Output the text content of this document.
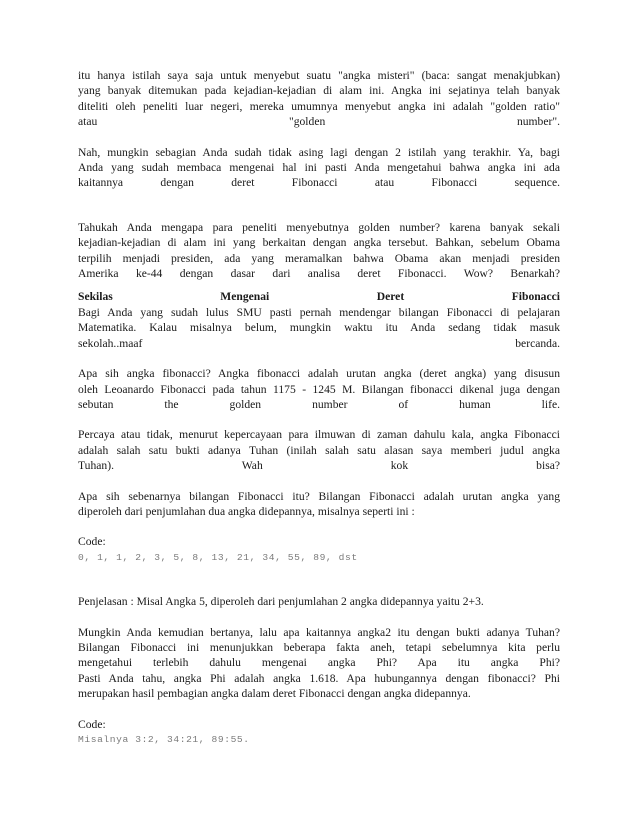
itu hanya istilah saya saja untuk menyebut suatu "angka misteri" (baca: sangat menakjubkan)
yang banyak ditemukan pada kejadian-kejadian di alam ini. Angka ini sejatinya telah banyak
diteliti oleh peneliti luar negeri, mereka umumnya menyebut angka ini adalah "golden ratio"
atau "golden number".
Nah, mungkin sebagian Anda sudah tidak asing lagi dengan 2 istilah yang terakhir. Ya, bagi
Anda yang sudah membaca mengenai hal ini pasti Anda mengetahui bahwa angka ini ada
kaitannya dengan deret Fibonacci atau Fibonacci sequence.
Tahukah Anda mengapa para peneliti menyebutnya golden number? karena banyak sekali
kejadian-kejadian di alam ini yang berkaitan dengan angka tersebut. Bahkan, sebelum Obama
terpilih menjadi presiden, ada yang meramalkan bahwa Obama akan menjadi presiden
Amerika ke-44 dengan dasar dari analisa deret Fibonacci. Wow? Benarkah?
Sekilas Mengenai Deret Fibonacci
Bagi Anda yang sudah lulus SMU pasti pernah mendengar bilangan Fibonacci di pelajaran
Matematika. Kalau misalnya belum, mungkin waktu itu Anda sedang tidak masuk
sekolah..maaf bercanda.
Apa sih angka fibonacci? Angka fibonacci adalah urutan angka (deret angka) yang disusun
oleh Leoanardo Fibonacci pada tahun 1175 - 1245 M. Bilangan fibonacci dikenal juga dengan
sebutan the golden number of human life.
Percaya atau tidak, menurut kepercayaan para ilmuwan di zaman dahulu kala, angka Fibonacci
adalah salah satu bukti adanya Tuhan (inilah salah satu alasan saya memberi judul angka
Tuhan). Wah kok bisa?
Apa sih sebenarnya bilangan Fibonacci itu? Bilangan Fibonacci adalah urutan angka yang
diperoleh dari penjumlahan dua angka didepannya, misalnya seperti ini :

Code:

0, 1, 1, 2, 3, 5, 8, 13, 21, 34, 55, 89, dst

Penjelasan : Misal Angka 5, diperoleh dari penjumlahan 2 angka didepannya yaitu 2+3.

Mungkin Anda kemudian bertanya, lalu apa kaitannya angka2 itu dengan bukti adanya Tuhan?
Bilangan Fibonacci ini menunjukkan beberapa fakta aneh, tetapi sebelumnya kita perlu
mengetahui terlebih dahulu mengenai angka Phi? Apa itu angka Phi?
Pasti Anda tahu, angka Phi adalah angka 1.618. Apa hubungannya dengan fibonacci? Phi
merupakan hasil pembagian angka dalam deret Fibonacci dengan angka didepannya.

Code:

Misalnya 3:2, 34:21, 89:55.
